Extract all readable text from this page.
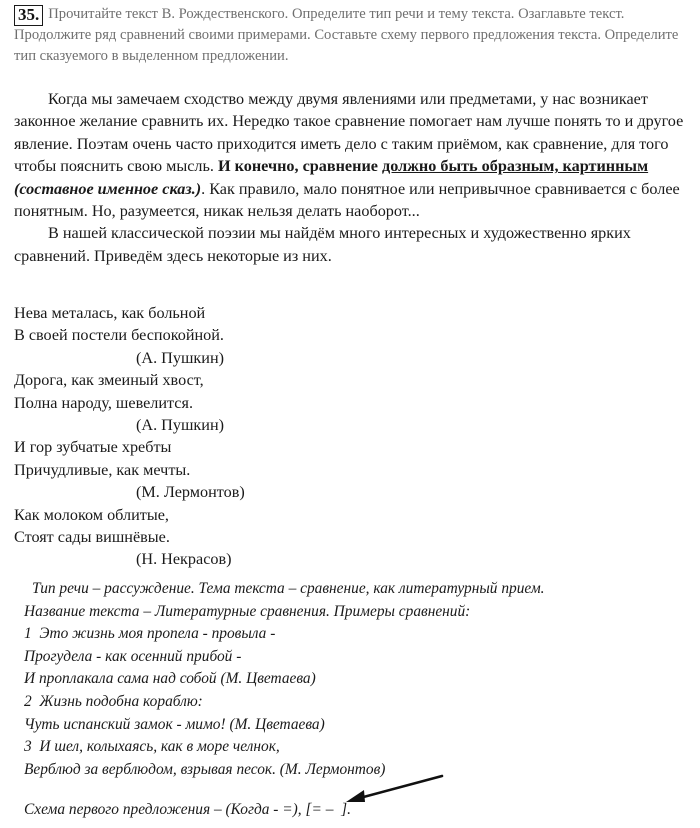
35. Прочитайте текст В. Рождественского. Определите тип речи и тему текста. Озаглавьте текст. Продолжите ряд сравнений своими примерами. Составьте схему первого предложения текста. Определите тип сказуемого в выделенном предложении.

Когда мы замечаем сходство между двумя явлениями или предметами, у нас возникает законное желание сравнить их. Нередко такое сравнение помогает нам лучше понять то и другое явление. Поэтам очень часто приходится иметь дело с таким приёмом, как сравнение, для того чтобы пояснить свою мысль. И конечно, сравнение должно быть образным, картинным (составное именное сказ.). Как правило, мало понятное или непривычное сравнивается с более понятным. Но, разумеется, никак нельзя делать наоборот...

В нашей классической поэзии мы найдём много интересных и художественно ярких сравнений. Приведём здесь некоторые из них.

Нева металась, как больной

В своей постели беспокойной.

(А. Пушкин)

Дорога, как змеиный хвост,

Полна народу, шевелится.

(А. Пушкин)

И гор зубчатые хребты

Причудливые, как мечты.

(М. Лермонтов)

Как молоком облитые,

Стоят сады вишнёвые.

(Н. Некрасов)

Тип речи – рассуждение. Тема текста – сравнение, как литературный прием.

Название текста – Литературные сравнения. Примеры сравнений:

1  Это жизнь моя пропела - провыла -

Прогудела - как осенний прибой -

И проплакала сама над собой (М. Цветаева)

2  Жизнь подобна кораблю:

Чуть испанский замок - мимо! (М. Цветаева)

3  И шел, колыхаясь, как в море челнок,

Верблюд за верблюдом, взрывая песок. (М. Лермонтов)

Схема первого предложения – (Когда - =), [= –  ].
